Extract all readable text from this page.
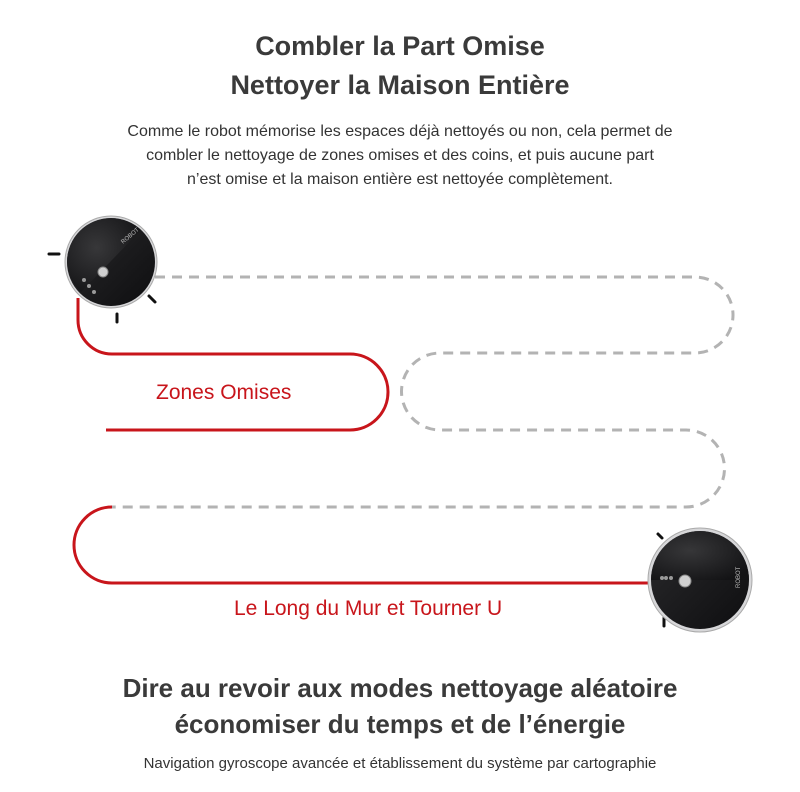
Combler la Part Omise
Nettoyer la Maison Entière
Comme le robot mémorise les espaces déjà nettoyés ou non, cela permet de
combler le nettoyage de zones omises et des coins, et puis aucune part
n’est omise et la maison entière est nettoyée complètement.
ROBOT
ROBOT
Zones Omises
Le Long du Mur et Tourner U
Dire au revoir aux modes nettoyage aléatoire
économiser du temps et de l’énergie
Navigation gyroscope avancée et établissement du système par cartographie
